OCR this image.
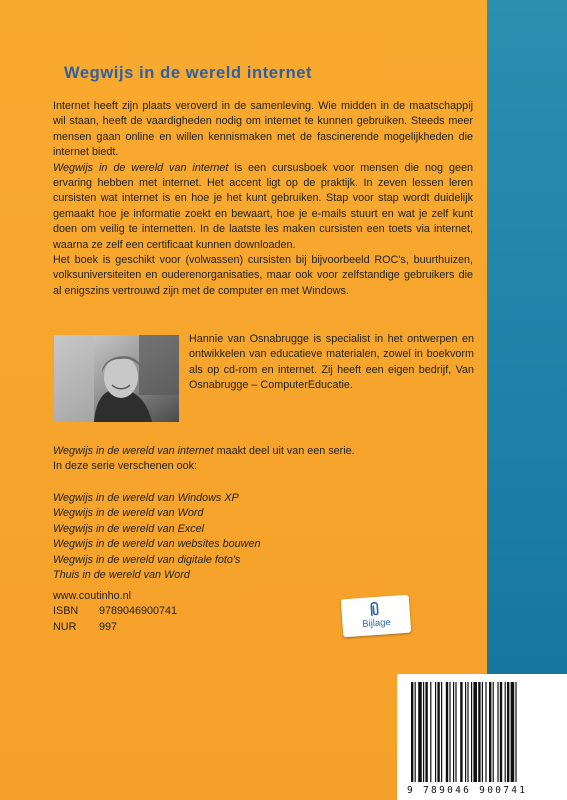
Wegwijs in de wereld internet

Internet heeft zijn plaats veroverd in de samenleving. Wie midden in de maatschappij wil staan, heeft de vaardigheden nodig om internet te kunnen gebruiken. Steeds meer mensen gaan online en willen kennismaken met de fascinerende mogelijkheden die internet biedt.

Wegwijs in de wereld van internet is een cursusboek voor mensen die nog geen ervaring hebben met internet. Het accent ligt op de praktijk. In zeven lessen leren cursisten wat internet is en hoe je het kunt gebruiken. Stap voor stap wordt duidelijk gemaakt hoe je informatie zoekt en bewaart, hoe je e-mails stuurt en wat je zelf kunt doen om veilig te internetten. In de laatste les maken cursisten een toets via internet, waarna ze zelf een certificaat kunnen downloaden.

Het boek is geschikt voor (volwassen) cursisten bij bijvoorbeeld ROC's, buurthuizen, volksuniversiteiten en ouderenorganisaties, maar ook voor zelfstandige gebruikers die al enigszins vertrouwd zijn met de computer en met Windows.

Hannie van Osnabrugge is specialist in het ontwerpen en ontwikkelen van educatieve materialen, zowel in boekvorm als op cd-rom en internet. Zij heeft een eigen bedrijf, Van Osnabrugge – ComputerEducatie.

Wegwijs in de wereld van internet maakt deel uit van een serie.

In deze serie verschenen ook:

Wegwijs in de wereld van Windows XP
Wegwijs in de wereld van Word
Wegwijs in de wereld van Excel
Wegwijs in de wereld van websites bouwen
Wegwijs in de wereld van digitale foto's
Thuis in de wereld van Word
www.coutinho.nl
ISBN	9789046900741
NUR	997	Bijlage
9 789046 900741
